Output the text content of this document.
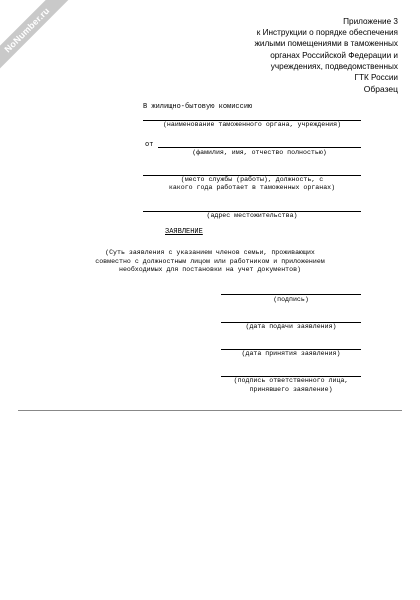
NoNumber.ru	Приложение 3
к Инструкции о порядке обеспечения
жилыми помещениями в таможенных
органах Российской Федерации и
учреждениях, подведомственных
ГТК России
Образец
В жилищно-бытовую комиссию
(наименование таможенного органа, учреждения)
от
(фамилия, имя, отчество полностью)
(место службы (работы), должность, с
какого года работает в таможенных органах)
(адрес местожительства)
ЗАЯВЛЕНИЕ
(Суть заявления с указанием членов семьи, проживающих
совместно с должностным лицом или работником и приложением
необходимых для постановки на учет документов)
(подпись)
(дата подачи заявления)
(дата принятия заявления)
(подпись ответственного лица,
принявшего заявление)
